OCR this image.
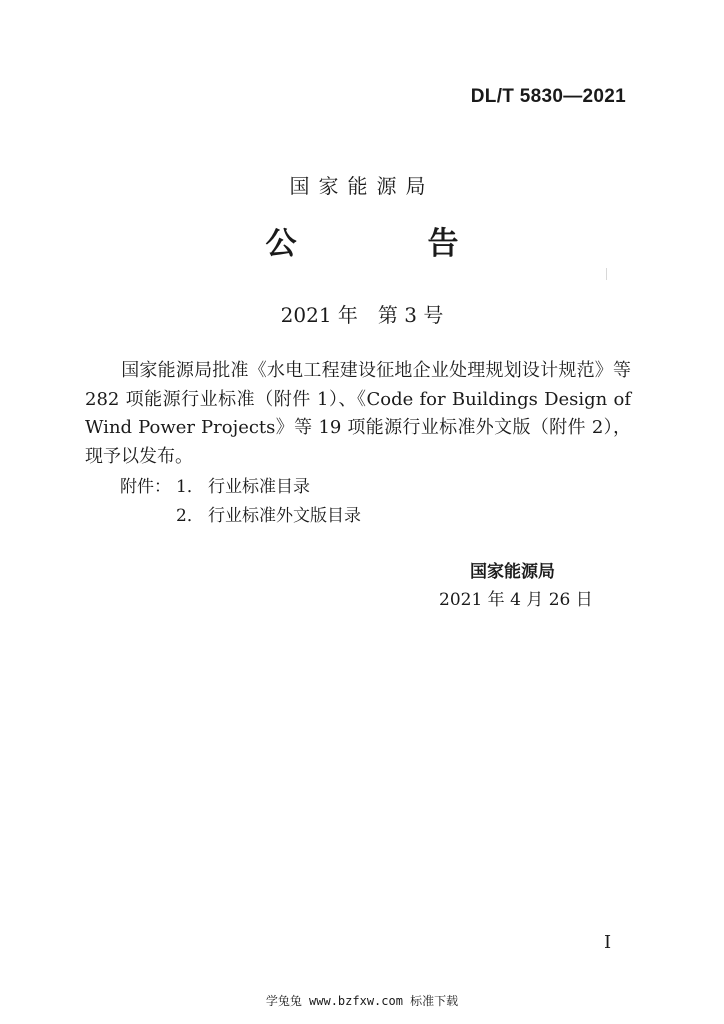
DL/T 5830—2021
国家能源局
公　告
2021 年　第 3 号

国家能源局批准《水电工程建设征地企业处理规划设计规范》等 282 项能源行业标准（附件 1）、《Code for Buildings Design of Wind Power Projects》等 19 项能源行业标准外文版（附件 2），现予以发布。

附件： 1． 行业标准目录
2． 行业标准外文版目录
国家能源局
2021 年 4 月 26 日
I
学兔兔 www.bzfxw.com 标准下载
